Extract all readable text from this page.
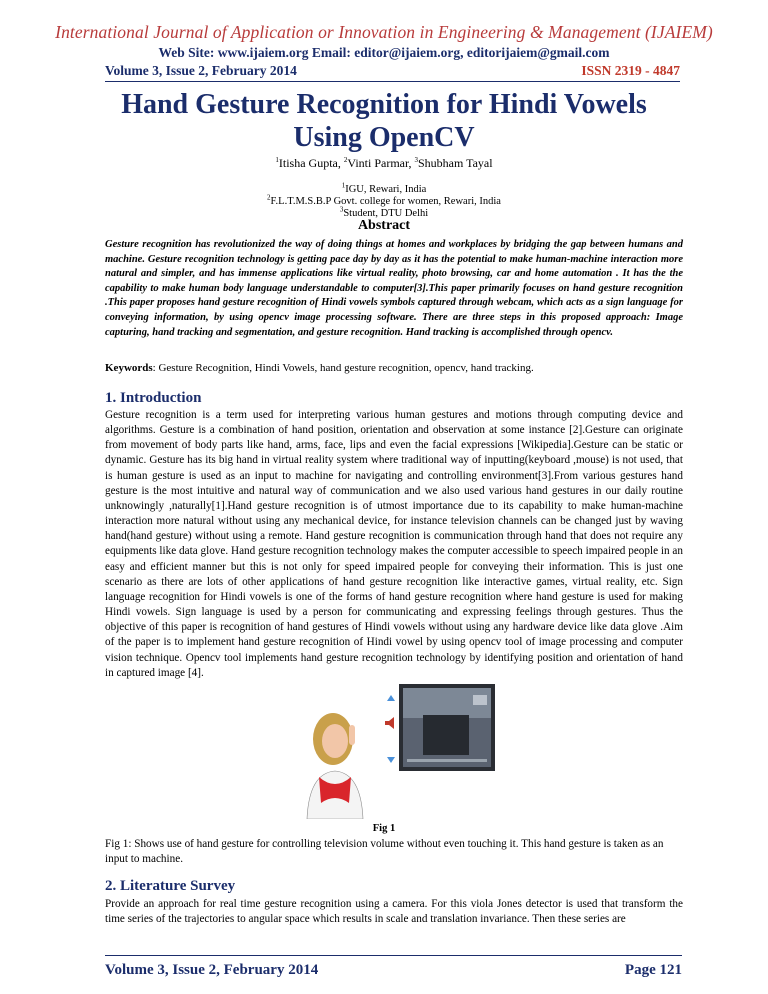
International Journal of Application or Innovation in Engineering & Management (IJAIEM)
Web Site: www.ijaiem.org Email: editor@ijaiem.org, editorijaiem@gmail.com
Volume 3, Issue 2, February 2014	ISSN 2319 - 4847
Hand Gesture Recognition for Hindi Vowels
Using OpenCV
$^1$Itisha Gupta, $^2$Vinti Parmar, $^3$Shubham Tayal
$^1$IGU, Rewari, India
$^2$F.L.T.M.S.B.P Govt. college for women, Rewari, India
$^3$Student, DTU Delhi
Abstract
Gesture recognition has revolutionized the way of doing things at homes and workplaces by bridging the gap between humans and machine. Gesture recognition technology is getting pace day by day as it has the potential to make human-machine interaction more natural and simpler, and has immense applications like virtual reality, photo browsing, car and home automation . It has the the capability to make human body language understandable to computer[3].This paper primarily focuses on hand gesture recognition .This paper proposes hand gesture recognition of Hindi vowels symbols captured through webcam, which acts as a sign language for conveying information, by using opencv image processing software. There are three steps in this proposed approach: Image capturing, hand tracking and segmentation, and gesture recognition. Hand tracking is accomplished through opencv.
Keywords: Gesture Recognition, Hindi Vowels, hand gesture recognition, opencv, hand tracking.
1. Introduction
Gesture recognition is a term used for interpreting various human gestures and motions through computing device and algorithms. Gesture is a combination of hand position, orientation and observation at some instance [2].Gesture can originate from movement of body parts like hand, arms, face, lips and even the facial expressions [Wikipedia].Gesture can be static or dynamic. Gesture has its big hand in virtual reality system where traditional way of inputting(keyboard ,mouse) is not used, that is human gesture is used as an input to machine for navigating and controlling environment[3].From various gestures hand gesture is the most intuitive and natural way of communication and we also used various hand gestures in our daily routine unknowingly ,naturally[1].Hand gesture recognition is of utmost importance due to its capability to make human-machine interaction more natural without using any mechanical device, for instance television channels can be changed just by waving hand(hand gesture) without using a remote. Hand gesture recognition is communication through hand that does not require any equipments like data glove. Hand gesture recognition technology makes the computer accessible to speech impaired people in an easy and efficient manner but this is not only for speed impaired people for conveying their information. This is just one scenario as there are lots of other applications of hand gesture recognition like interactive games, virtual reality, etc. Sign language recognition for Hindi vowels is one of the forms of hand gesture recognition where hand gesture is used for making Hindi vowels. Sign language is used by a person for communicating and expressing feelings through gestures. Thus the objective of this paper is recognition of hand gestures of Hindi vowels without using any hardware device like data glove .Aim of the paper is to implement hand gesture recognition of Hindi vowel by using opencv tool of image processing and computer vision technique. Opencv tool implements hand gesture recognition technology by identifying position and orientation of hand in captured image [4].
Fig 1
Fig 1: Shows use of hand gesture for controlling television volume without even touching it. This hand gesture is taken as an input to machine.
2. Literature Survey
Provide an approach for real time gesture recognition using a camera. For this viola Jones detector is used that transform the time series of the trajectories to angular space which results in scale and translation invariance. Then these series are
Volume 3, Issue 2, February 2014	Page 121
